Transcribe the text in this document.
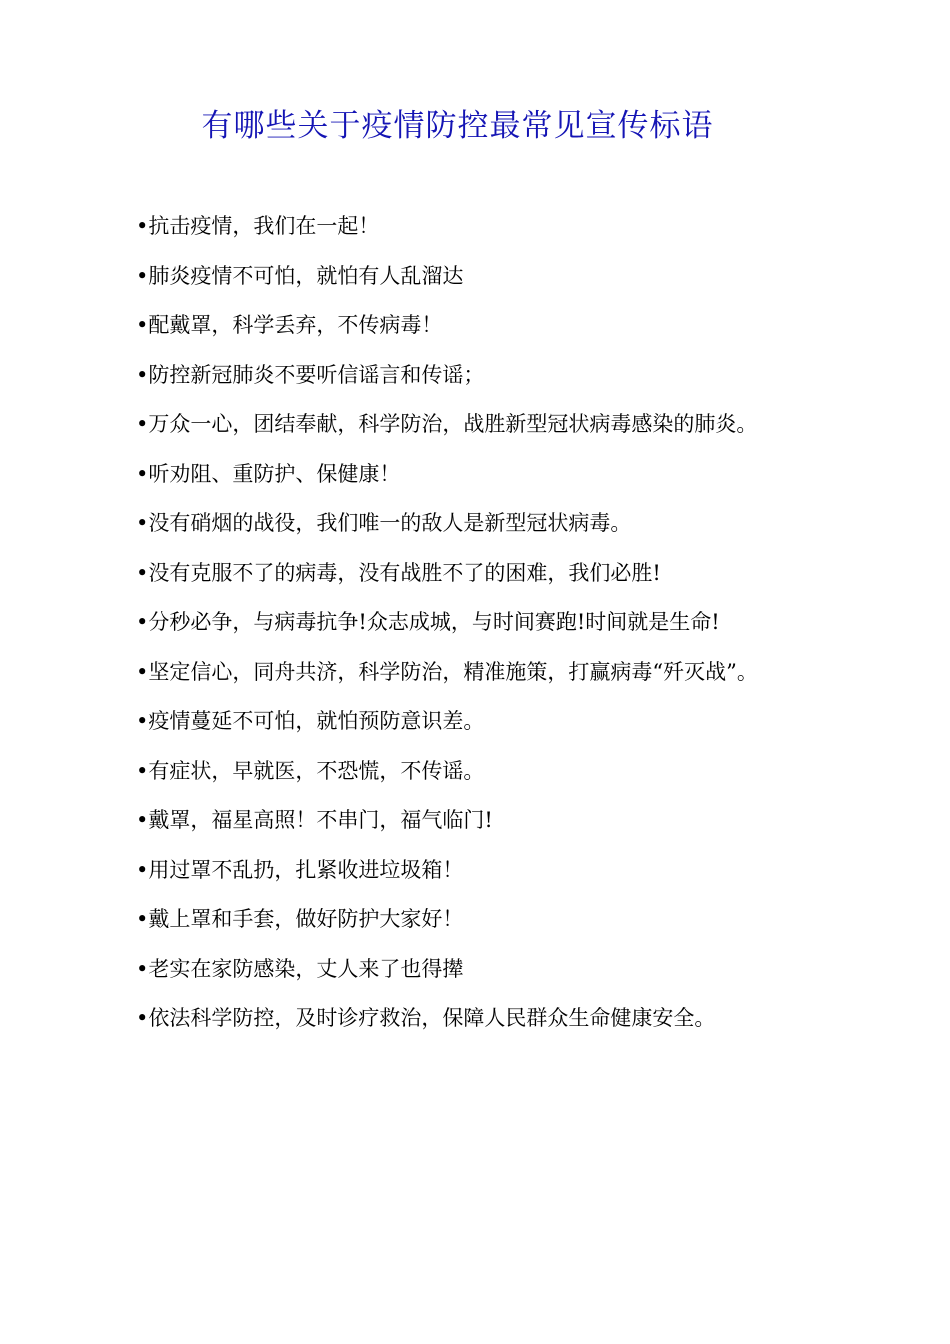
有哪些关于疫情防控最常见宣传标语

•抗击疫情，我们在一起！

•肺炎疫情不可怕，就怕有人乱溜达

•配戴罩，科学丢弃，不传病毒！

•防控新冠肺炎不要听信谣言和传谣；

•万众一心，团结奉献，科学防治，战胜新型冠状病毒感染的肺炎。

•听劝阻、重防护、保健康！

•没有硝烟的战役，我们唯一的敌人是新型冠状病毒。

•没有克服不了的病毒，没有战胜不了的困难，我们必胜!

•分秒必争，与病毒抗争!众志成城，与时间赛跑!时间就是生命!

•坚定信心，同舟共济，科学防治，精准施策，打赢病毒“歼灭战”。

•疫情蔓延不可怕，就怕预防意识差。

•有症状，早就医，不恐慌，不传谣。

•戴罩，福星高照！不串门，福气临门!

•用过罩不乱扔，扎紧收进垃圾箱！

•戴上罩和手套，做好防护大家好！

•老实在家防感染，丈人来了也得撵

•依法科学防控，及时诊疗救治，保障人民群众生命健康安全。
